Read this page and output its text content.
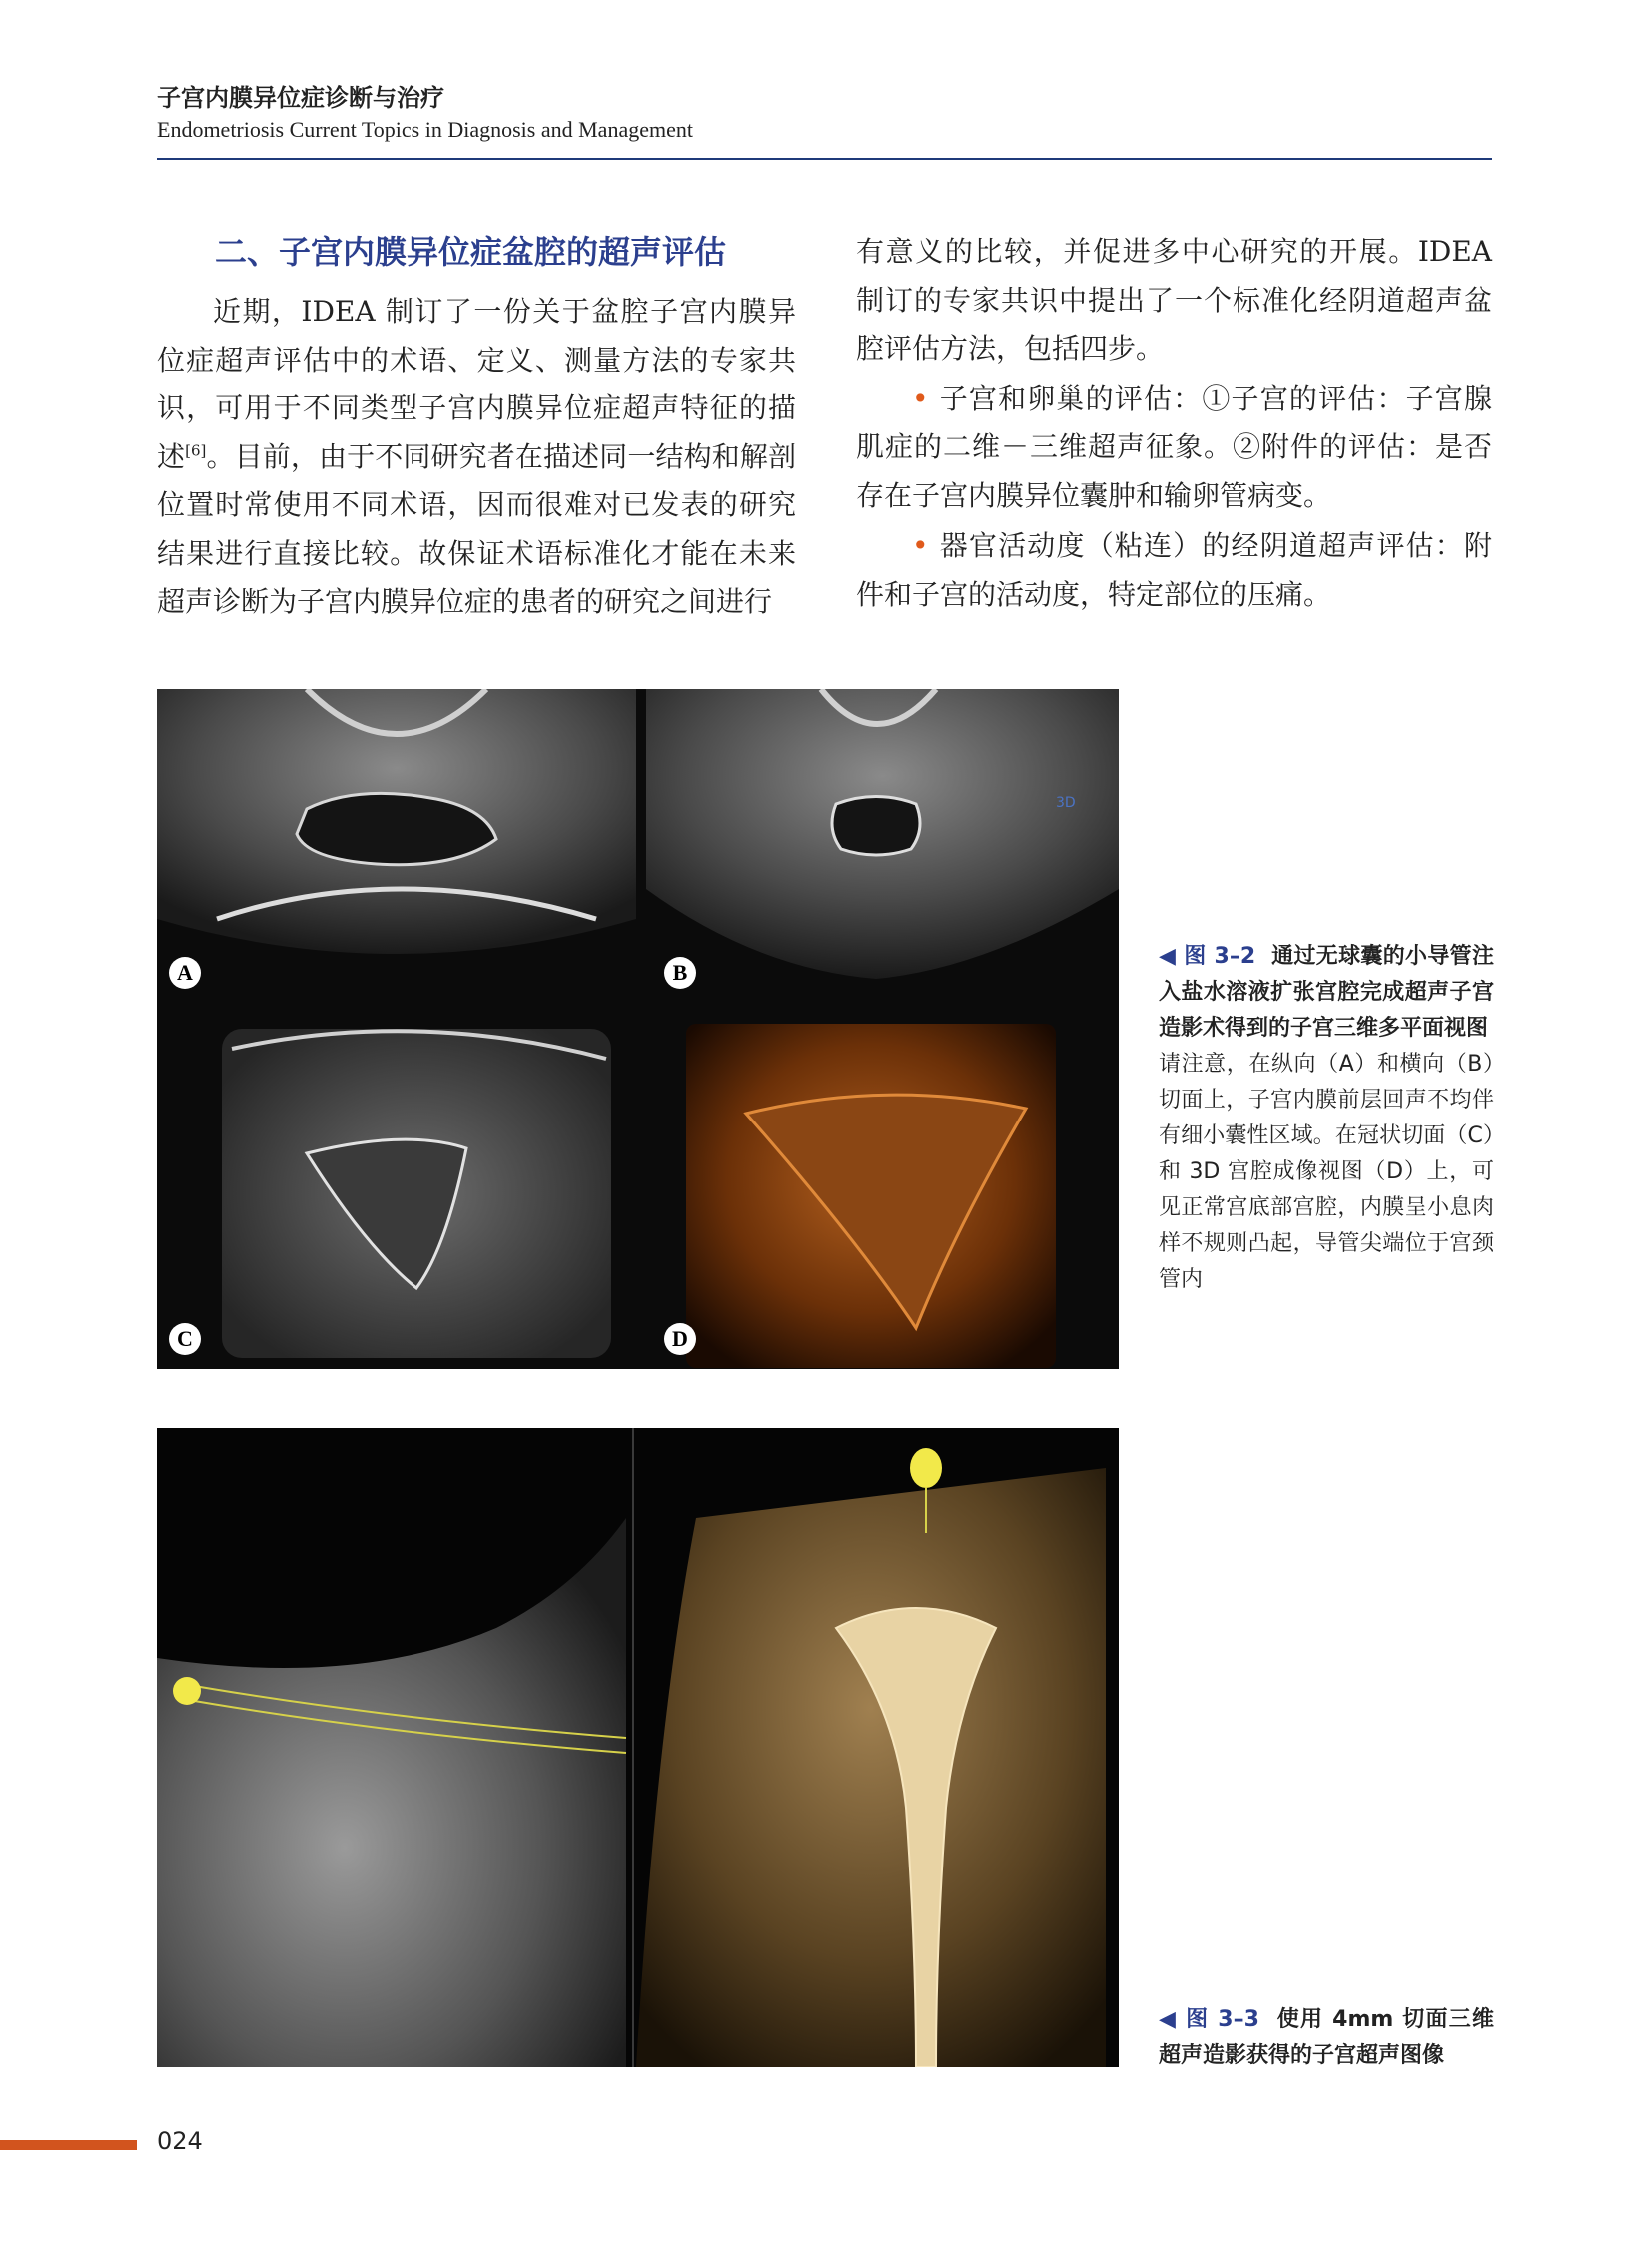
子宫内膜异位症诊断与治疗
Endometriosis Current Topics in Diagnosis and Management
二、子宫内膜异位症盆腔的超声评估

近期，IDEA 制订了一份关于盆腔子宫内膜异位症超声评估中的术语、定义、测量方法的专家共识，可用于不同类型子宫内膜异位症超声特征的描述[6]。目前，由于不同研究者在描述同一结构和解剖位置时常使用不同术语，因而很难对已发表的研究结果进行直接比较。故保证术语标准化才能在未来超声诊断为子宫内膜异位症的患者的研究之间进行

有意义的比较，并促进多中心研究的开展。IDEA 制订的专家共识中提出了一个标准化经阴道超声盆腔评估方法，包括四步。

• 子宫和卵巢的评估：①子宫的评估：子宫腺肌症的二维－三维超声征象。②附件的评估：是否存在子宫内膜异位囊肿和输卵管病变。

• 器官活动度（粘连）的经阴道超声评估：附件和子宫的活动度，特定部位的压痛。

3D
A	B
C	D
◀ 图 3–2 通过无球囊的小导管注入盐水溶液扩张宫腔完成超声子宫造影术得到的子宫三维多平面视图
请注意，在纵向（A）和横向（B）切面上，子宫内膜前层回声不均伴有细小囊性区域。在冠状切面（C）和 3D 宫腔成像视图（D）上，可见正常宫底部宫腔，内膜呈小息肉样不规则凸起，导管尖端位于宫颈管内
◀ 图 3–3 使用 4mm 切面三维超声造影获得的子宫超声图像
024
